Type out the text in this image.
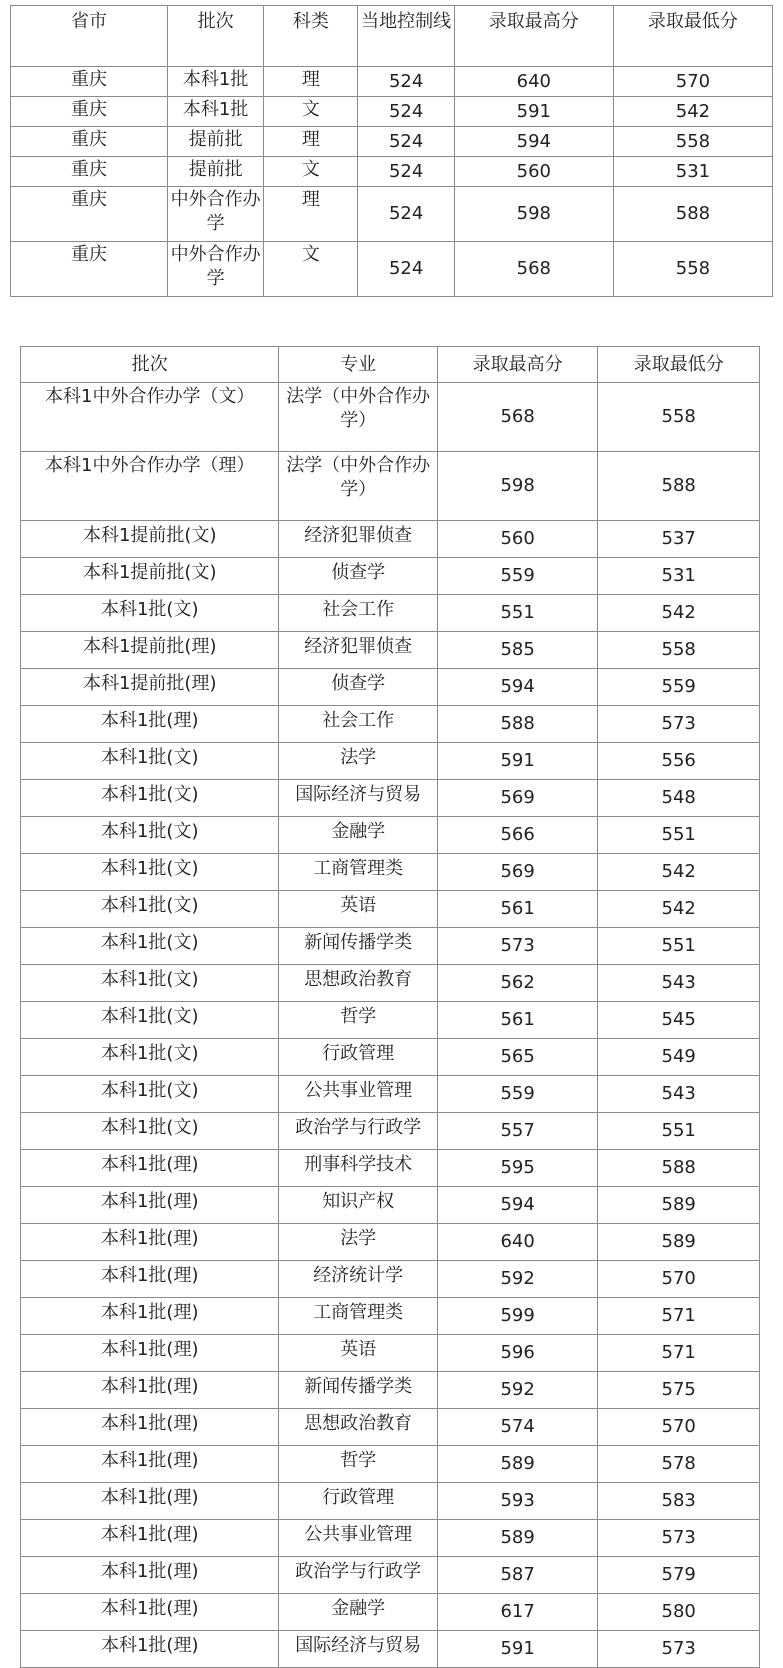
省市	批次	科类	当地控制线	录取最高分	录取最低分
重庆	本科1批	理	524	640	570
重庆	本科1批	文	524	591	542
重庆	提前批	理	524	594	558
重庆	提前批	文	524	560	531
重庆	中外合作办学	理	524	598	588
重庆	中外合作办学	文	524	568	558
批次	专业	录取最高分	录取最低分
本科1中外合作办学（文）	法学（中外合作办学）	568	558
本科1中外合作办学（理）	法学（中外合作办学）	598	588
本科1提前批(文)	经济犯罪侦查	560	537
本科1提前批(文)	侦查学	559	531
本科1批(文)	社会工作	551	542
本科1提前批(理)	经济犯罪侦查	585	558
本科1提前批(理)	侦查学	594	559
本科1批(理)	社会工作	588	573
本科1批(文)	法学	591	556
本科1批(文)	国际经济与贸易	569	548
本科1批(文)	金融学	566	551
本科1批(文)	工商管理类	569	542
本科1批(文)	英语	561	542
本科1批(文)	新闻传播学类	573	551
本科1批(文)	思想政治教育	562	543
本科1批(文)	哲学	561	545
本科1批(文)	行政管理	565	549
本科1批(文)	公共事业管理	559	543
本科1批(文)	政治学与行政学	557	551
本科1批(理)	刑事科学技术	595	588
本科1批(理)	知识产权	594	589
本科1批(理)	法学	640	589
本科1批(理)	经济统计学	592	570
本科1批(理)	工商管理类	599	571
本科1批(理)	英语	596	571
本科1批(理)	新闻传播学类	592	575
本科1批(理)	思想政治教育	574	570
本科1批(理)	哲学	589	578
本科1批(理)	行政管理	593	583
本科1批(理)	公共事业管理	589	573
本科1批(理)	政治学与行政学	587	579
本科1批(理)	金融学	617	580
本科1批(理)	国际经济与贸易	591	573
